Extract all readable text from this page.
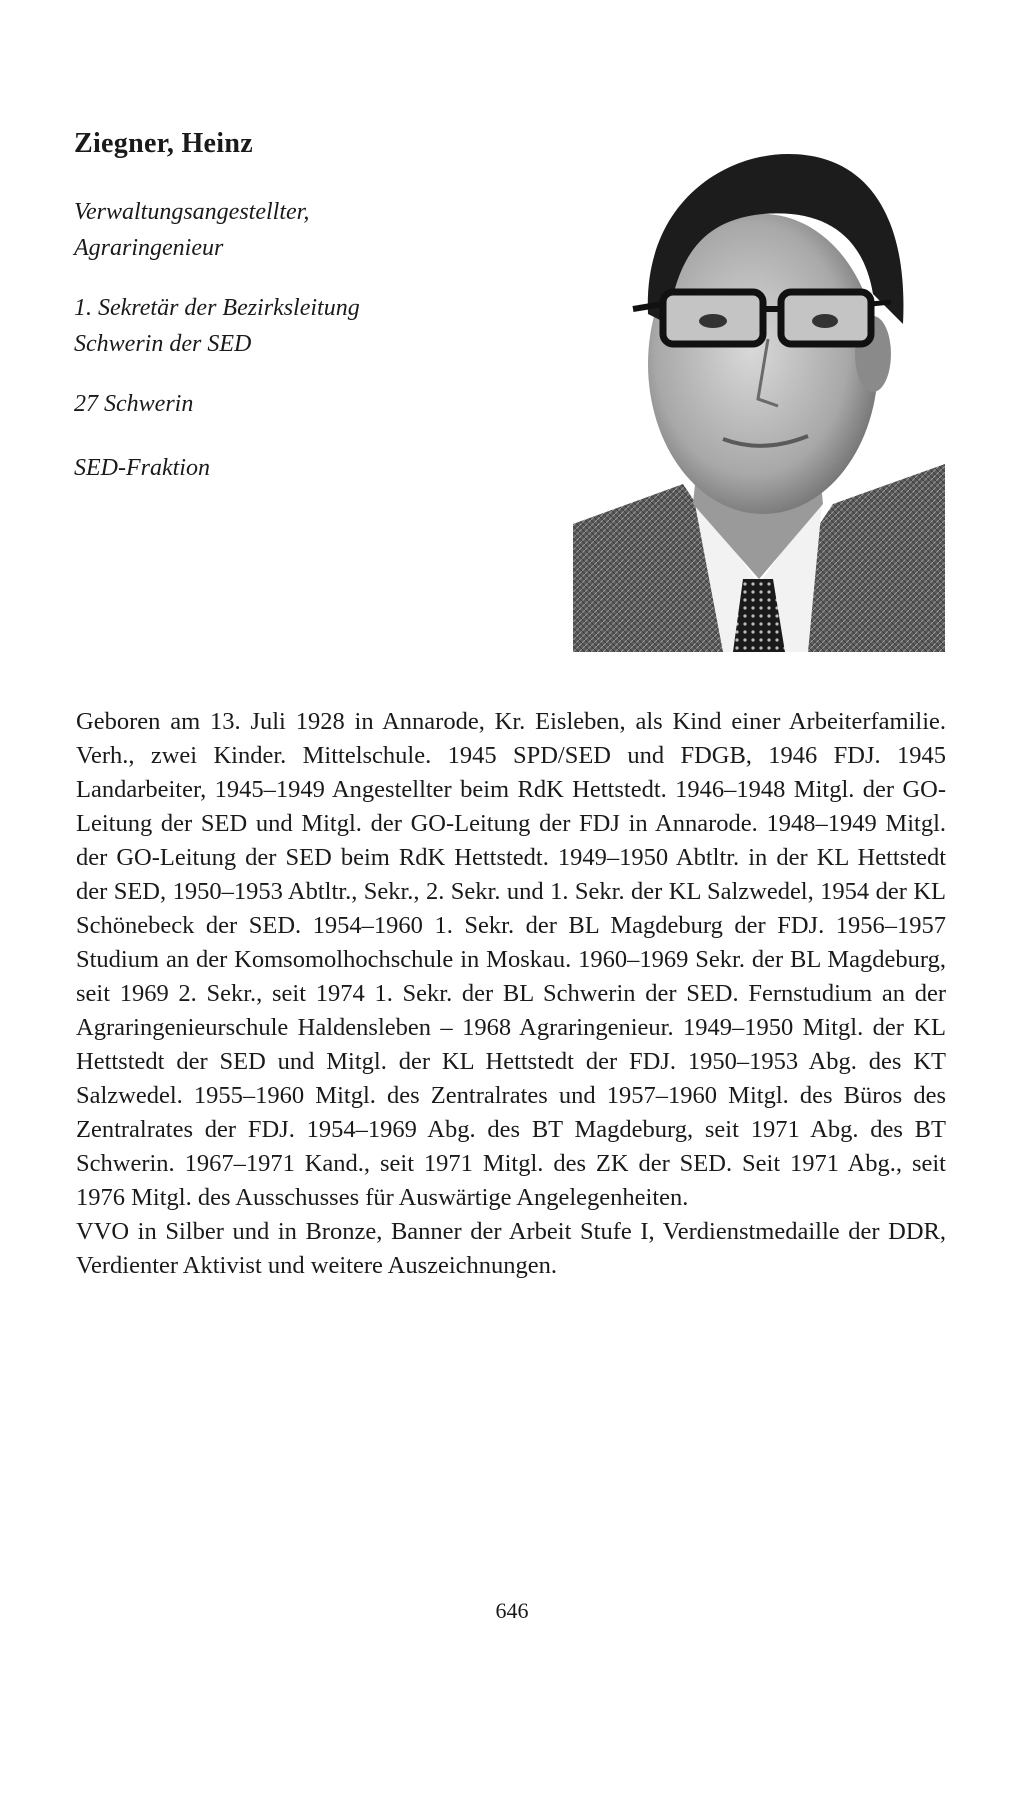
Ziegner, Heinz

Verwaltungsangestellter, Agraringenieur

1. Sekretär der Bezirksleitung Schwerin der SED

27 Schwerin

SED-Fraktion

Geboren am 13. Juli 1928 in Annarode, Kr. Eisleben, als Kind einer Arbeiterfamilie. Verh., zwei Kinder. Mittelschule. 1945 SPD/SED und FDGB, 1946 FDJ. 1945 Landarbeiter, 1945–1949 Angestellter beim RdK Hettstedt. 1946–1948 Mitgl. der GO-Leitung der SED und Mitgl. der GO-Leitung der FDJ in Annarode. 1948–1949 Mitgl. der GO-Leitung der SED beim RdK Hettstedt. 1949–1950 Abtltr. in der KL Hettstedt der SED, 1950–1953 Abtltr., Sekr., 2. Sekr. und 1. Sekr. der KL Salzwedel, 1954 der KL Schönebeck der SED. 1954–1960 1. Sekr. der BL Magdeburg der FDJ. 1956–1957 Studium an der Komsomolhochschule in Moskau. 1960–1969 Sekr. der BL Magdeburg, seit 1969 2. Sekr., seit 1974 1. Sekr. der BL Schwerin der SED. Fernstudium an der Agraringenieurschule Haldensleben – 1968 Agraringenieur. 1949–1950 Mitgl. der KL Hettstedt der SED und Mitgl. der KL Hettstedt der FDJ. 1950–1953 Abg. des KT Salzwedel. 1955–1960 Mitgl. des Zentralrates und 1957–1960 Mitgl. des Büros des Zentralrates der FDJ. 1954–1969 Abg. des BT Magdeburg, seit 1971 Abg. des BT Schwerin. 1967–1971 Kand., seit 1971 Mitgl. des ZK der SED. Seit 1971 Abg., seit 1976 Mitgl. des Ausschusses für Auswärtige Angelegenheiten.

VVO in Silber und in Bronze, Banner der Arbeit Stufe I, Verdienstmedaille der DDR, Verdienter Aktivist und weitere Auszeichnungen.

646
